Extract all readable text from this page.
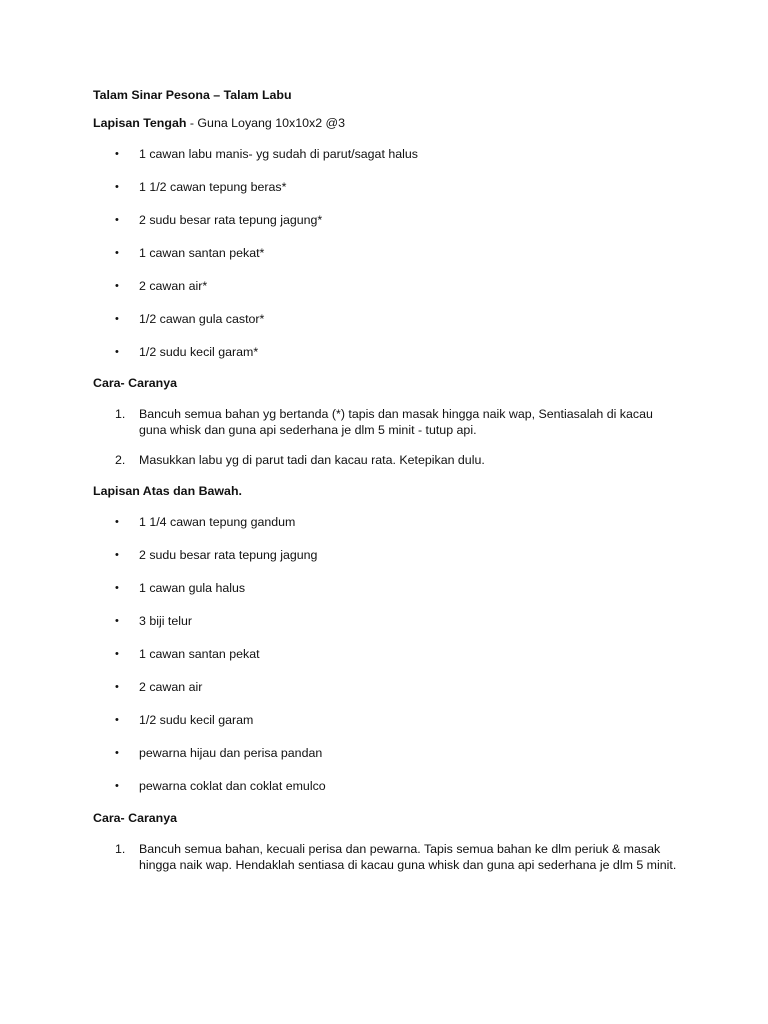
Talam Sinar Pesona – Talam Labu
Lapisan Tengah - Guna Loyang 10x10x2 @3
• 1 cawan labu manis- yg sudah di parut/sagat halus
• 1 1/2 cawan tepung beras*
• 2 sudu besar rata tepung jagung*
• 1 cawan santan pekat*
• 2 cawan air*
• 1/2 cawan gula castor*
• 1/2 sudu kecil garam*
Cara- Caranya
1. Bancuh semua bahan yg bertanda (*) tapis dan masak hingga naik wap, Sentiasalah di kacau guna whisk dan guna api sederhana je dlm 5 minit - tutup api.
2. Masukkan labu yg di parut tadi dan kacau rata. Ketepikan dulu.
Lapisan Atas dan Bawah.
• 1 1/4 cawan tepung gandum
• 2 sudu besar rata tepung jagung
• 1 cawan gula halus
• 3 biji telur
• 1 cawan santan pekat
• 2 cawan air
• 1/2 sudu kecil garam
• pewarna hijau dan perisa pandan
• pewarna coklat dan coklat emulco
Cara- Caranya
1. Bancuh semua bahan, kecuali perisa dan pewarna. Tapis semua bahan ke dlm periuk & masak hingga naik wap. Hendaklah sentiasa di kacau guna whisk dan guna api sederhana je dlm 5 minit.
